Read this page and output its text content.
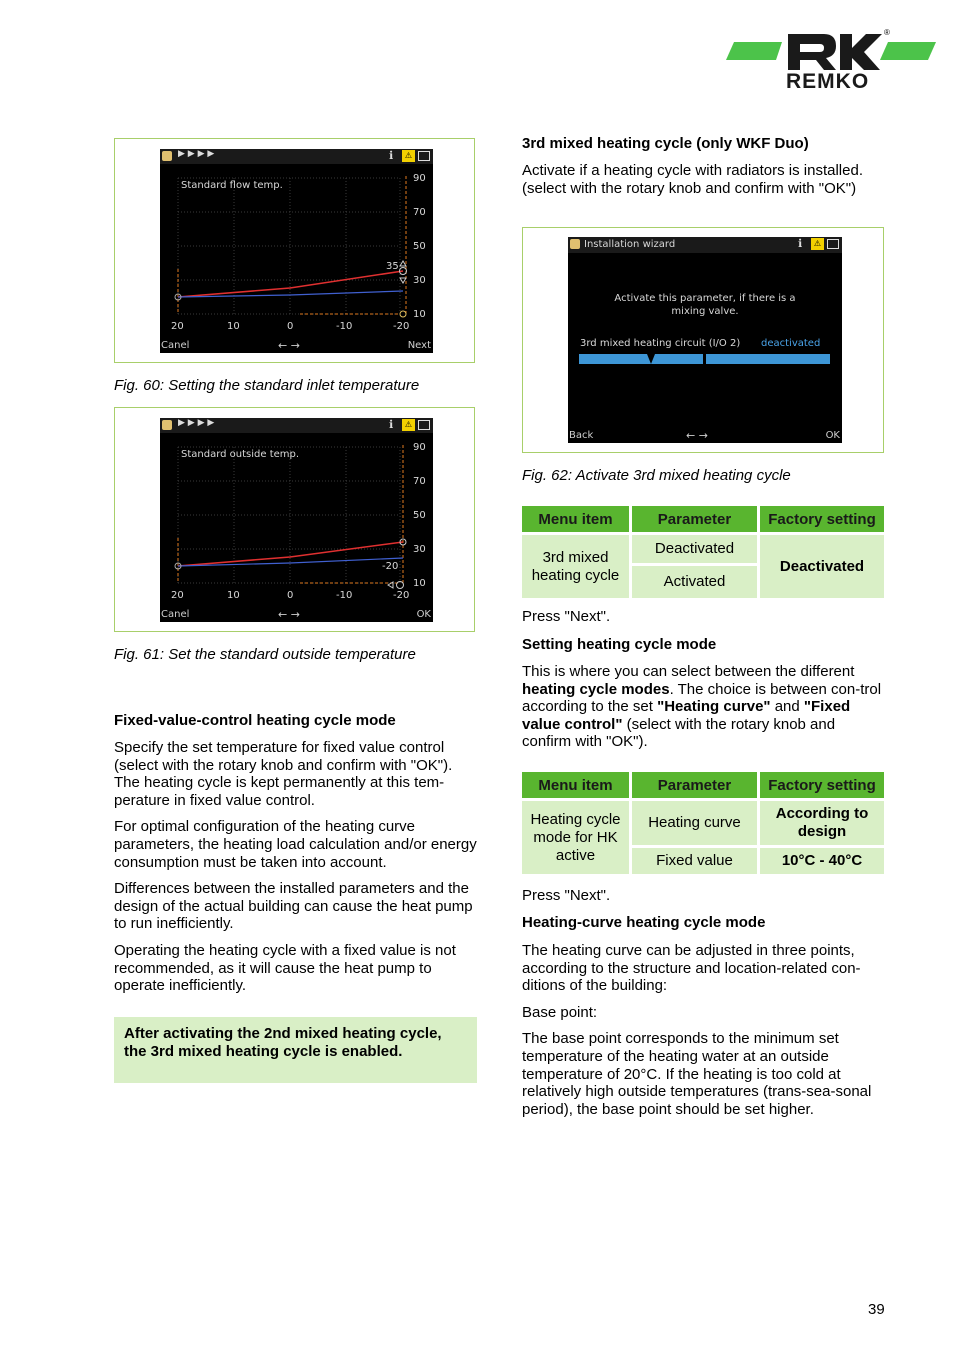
®
REMKO
▶ ▶ ▶ ▶	ℹ	⚠
Standard flow temp.
90
70
50
30
10
35
20	10	0	-10	-20
Canel	← →	Next

Fig. 60: Setting the standard inlet temperature

▶ ▶ ▶ ▶	ℹ	⚠
Standard outside temp.
90
70
50
30
10
-20
20	10	0	-10	-20
Canel	← →	OK

Fig. 61: Set the standard outside temperature

Fixed-value-control heating cycle mode

Specify the set temperature for fixed value control (select with the rotary knob and confirm with "OK"). The heating cycle is kept permanently at this tem-perature in fixed value control.

For optimal configuration of the heating curve parameters, the heating load calculation and/or energy consumption must be taken into account.

Differences between the installed parameters and the design of the actual building can cause the heat pump to run inefficiently.

Operating the heating cycle with a fixed value is not recommended, as it will cause the heat pump to operate inefficiently.

After activating the 2nd mixed heating cycle, the 3rd mixed heating cycle is enabled.

3rd mixed heating cycle (only WKF Duo)

Activate if a heating cycle with radiators is installed. (select with the rotary knob and confirm with "OK")

Installation wizard	ℹ	⚠
Activate this parameter, if there is a
mixing valve.
3rd mixed heating circuit (I/O 2) deactivated
Back	← →	OK

Fig. 62: Activate 3rd mixed heating cycle

Menu item	Parameter	Factory setting
3rd mixed heating cycle	Deactivated	Deactivated
	Activated	

Press "Next".

Setting heating cycle mode

This is where you can select between the different heating cycle modes. The choice is between con-trol according to the set "Heating curve" and "Fixed value control" (select with the rotary knob and confirm with "OK").

Menu item	Parameter	Factory setting
Heating cycle mode for HK active	Heating curve	According to design
	Fixed value	10°C - 40°C

Press "Next".

Heating-curve heating cycle mode

The heating curve can be adjusted in three points, according to the structure and location-related con-ditions of the building:

Base point:

The base point corresponds to the minimum set temperature of the heating water at an outside temperature of 20°C. If the heating is too cold at relatively high outside temperatures (trans-sea-sonal period), the base point should be set higher.

39
